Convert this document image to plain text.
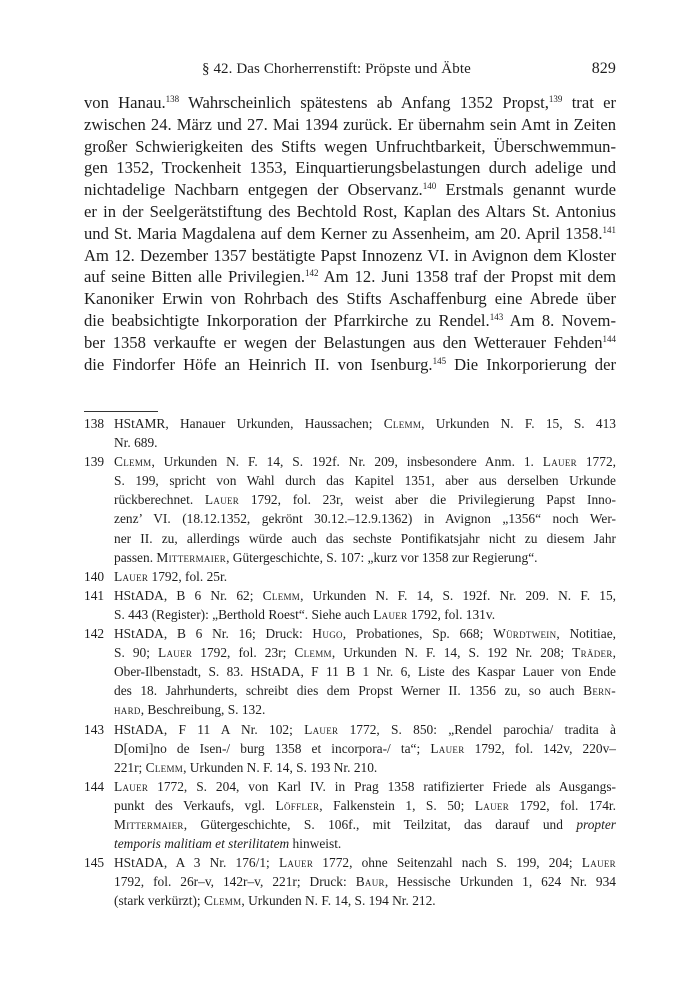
§ 42. Das Chorherrenstift: Pröpste und Äbte	829
von Hanau.$^{138}$ Wahrscheinlich spätestens ab Anfang 1352 Propst,$^{139}$ trat er
zwischen 24. März und 27. Mai 1394 zurück. Er übernahm sein Amt in Zeiten
großer Schwierigkeiten des Stifts wegen Unfruchtbarkeit, Überschwemmun-
gen 1352, Trockenheit 1353, Einquartierungsbelastungen durch adelige und
nichtadelige Nachbarn entgegen der Observanz.$^{140}$ Erstmals genannt wurde
er in der Seelgerätstiftung des Bechtold Rost, Kaplan des Altars St. Antonius
und St. Maria Magdalena auf dem Kerner zu Assenheim, am 20. April 1358.$^{141}$
Am 12. Dezember 1357 bestätigte Papst Innozenz VI. in Avignon dem Kloster
auf seine Bitten alle Privilegien.$^{142}$ Am 12. Juni 1358 traf der Propst mit dem
Kanoniker Erwin von Rohrbach des Stifts Aschaffenburg eine Abrede über
die beabsichtigte Inkorporation der Pfarrkirche zu Rendel.$^{143}$ Am 8. Novem-
ber 1358 verkaufte er wegen der Belastungen aus den Wetterauer Fehden$^{144}$
die Findorfer Höfe an Heinrich II. von Isenburg.$^{145}$ Die Inkorporierung der
138 HStAMR, Hanauer Urkunden, Haussachen; Clemm, Urkunden N. F. 15, S. 413
Nr. 689.
139 Clemm, Urkunden N. F. 14, S. 192f. Nr. 209, insbesondere Anm. 1. Lauer 1772,
S. 199, spricht von Wahl durch das Kapitel 1351, aber aus derselben Urkunde
rückberechnet. Lauer 1792, fol. 23r, weist aber die Privilegierung Papst Inno-
zenz’ VI. (18.12.1352, gekrönt 30.12.–12.9.1362) in Avignon „1356“ noch Wer-
ner II. zu, allerdings würde auch das sechste Pontifikatsjahr nicht zu diesem Jahr
passen. Mittermaier, Gütergeschichte, S. 107: „kurz vor 1358 zur Regierung“.
140 Lauer 1792, fol. 25r.
141 HStADA, B 6 Nr. 62; Clemm, Urkunden N. F. 14, S. 192f. Nr. 209. N. F. 15,
S. 443 (Register): „Berthold Roest“. Siehe auch Lauer 1792, fol. 131v.
142 HStADA, B 6 Nr. 16; Druck: Hugo, Probationes, Sp. 668; Würdtwein, Notitiae,
S. 90; Lauer 1792, fol. 23r; Clemm, Urkunden N. F. 14, S. 192 Nr. 208; Träder,
Ober-Ilbenstadt, S. 83. HStADA, F 11 B 1 Nr. 6, Liste des Kaspar Lauer von Ende
des 18. Jahrhunderts, schreibt dies dem Propst Werner II. 1356 zu, so auch Bern-
hard, Beschreibung, S. 132.
143 HStADA, F 11 A Nr. 102; Lauer 1772, S. 850: „Rendel parochia/ tradita à
D[omi]no de Isen-/ burg 1358 et incorpora-/ ta“; Lauer 1792, fol. 142v, 220v–
221r; Clemm, Urkunden N. F. 14, S. 193 Nr. 210.
144 Lauer 1772, S. 204, von Karl IV. in Prag 1358 ratifizierter Friede als Ausgangs-
punkt des Verkaufs, vgl. Löffler, Falkenstein 1, S. 50; Lauer 1792, fol. 174r.
Mittermaier, Gütergeschichte, S. 106f., mit Teilzitat, das darauf und propter
temporis malitiam et sterilitatem hinweist.
145 HStADA, A 3 Nr. 176/1; Lauer 1772, ohne Seitenzahl nach S. 199, 204; Lauer
1792, fol. 26r–v, 142r–v, 221r; Druck: Baur, Hessische Urkunden 1, 624 Nr. 934
(stark verkürzt); Clemm, Urkunden N. F. 14, S. 194 Nr. 212.
